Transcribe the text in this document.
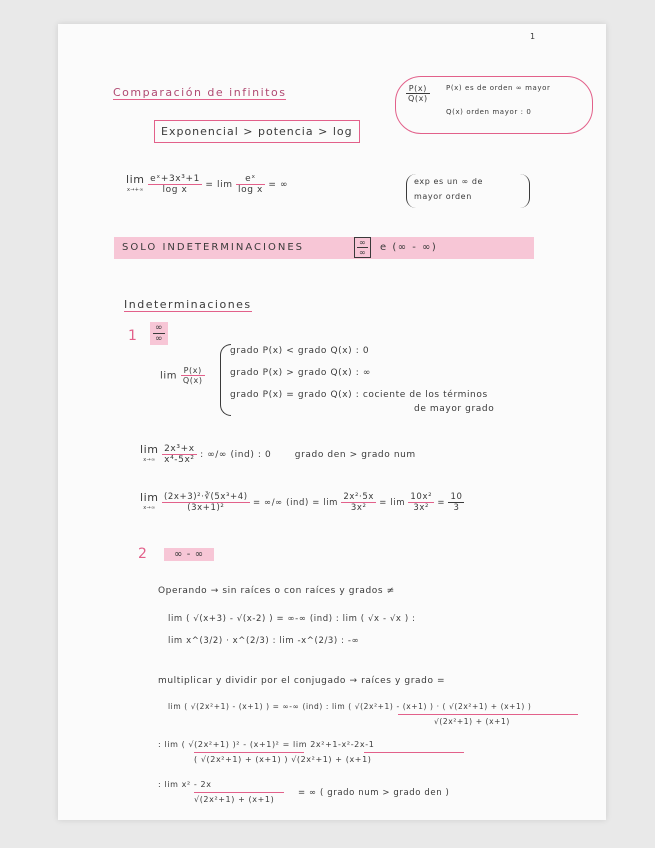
1
Comparación de infinitos	$\frac{P(x)}{Q(x)} P(x)$ es de orden ∞ mayor
Q(x) orden mayor : 0
Exponencial > potencia > log
lim
x→+∞
$\frac{\text{eˣ+3x³+1}}{\text{log x}} = \lim \frac{\text{eˣ}}{\text{log x}}$ = ∞	exp es un ∞ de
mayor orden
SOLO INDETERMINACIONES	$\frac{\infty}{\infty}$ e (∞ - ∞)
Indeterminaciones
$1 \frac{\infty}{\infty}$
$\lim \frac{P(x)}{Q(x)}$
grado P(x) < grado Q(x) : 0
grado P(x) > grado Q(x) : ∞
grado P(x) = grado Q(x) : cociente de los términos
de mayor grado
lim
x→∞
$\frac{\text{2x³+x}}{\text{x⁴-5x²}}$ : ∞/∞ (ind) : 0	grado den > grado num
lim
x→∞
$\frac{\text{(2x+3)²·∛(5x³+4)}}{\text{(3x+1)²}}$ = ∞/∞ $(ind) = \lim \frac{\text{2x²·5x}}{\text{3x²}} = \lim \frac{\text{10x²}}{\text{3x²}} = \frac{10}{3}$
2	∞ - ∞
Operando → sin raíces o con raíces y grados ≠
lim ( √(x+3) - √(x-2) ) = ∞-∞ (ind) : lim ( √x - √x ) :
lim x^(3/2) · x^(2/3) : lim -x^(2/3) : -∞
multiplicar y dividir por el conjugado → raíces y grado =
lim ( √(2x²+1) - (x+1) ) = ∞-∞ (ind) : lim ( √(2x²+1) - (x+1) ) · ( √(2x²+1) + (x+1) )
√(2x²+1) + (x+1)
: lim ( √(2x²+1) )² - (x+1)² = lim 2x²+1-x²-2x-1
( √(2x²+1) + (x+1) ) √(2x²+1) + (x+1)
: lim x² - 2x
√(2x²+1) + (x+1)
= ∞ ( grado num > grado den )
